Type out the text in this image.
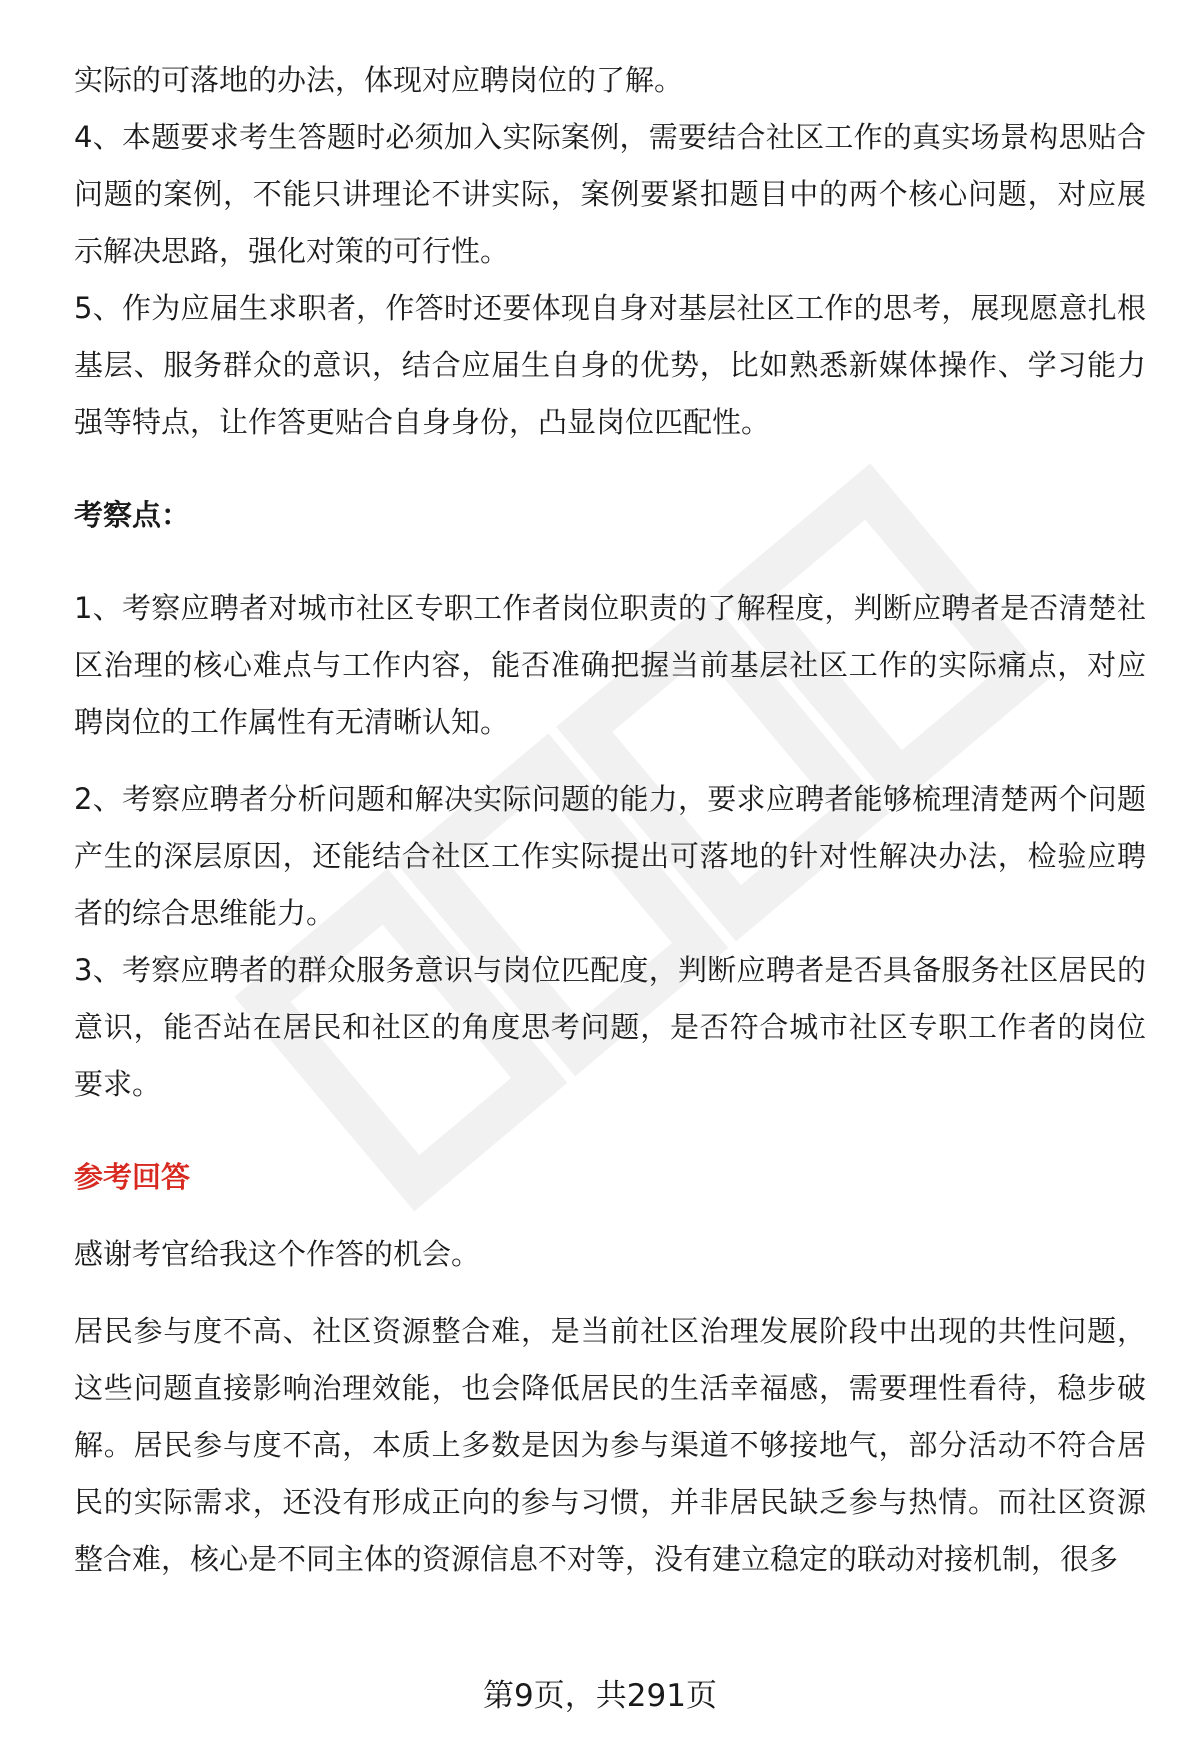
实际的可落地的办法，体现对应聘岗位的了解。

4、本题要求考生答题时必须加入实际案例，需要结合社区工作的真实场景构思贴合问题的案例，不能只讲理论不讲实际，案例要紧扣题目中的两个核心问题，对应展示解决思路，强化对策的可行性。

5、作为应届生求职者，作答时还要体现自身对基层社区工作的思考，展现愿意扎根基层、服务群众的意识，结合应届生自身的优势，比如熟悉新媒体操作、学习能力强等特点，让作答更贴合自身身份，凸显岗位匹配性。

考察点：

1、考察应聘者对城市社区专职工作者岗位职责的了解程度，判断应聘者是否清楚社区治理的核心难点与工作内容，能否准确把握当前基层社区工作的实际痛点，对应聘岗位的工作属性有无清晰认知。

2、考察应聘者分析问题和解决实际问题的能力，要求应聘者能够梳理清楚两个问题产生的深层原因，还能结合社区工作实际提出可落地的针对性解决办法，检验应聘者的综合思维能力。

3、考察应聘者的群众服务意识与岗位匹配度，判断应聘者是否具备服务社区居民的意识，能否站在居民和社区的角度思考问题，是否符合城市社区专职工作者的岗位要求。

参考回答

感谢考官给我这个作答的机会。

居民参与度不高、社区资源整合难，是当前社区治理发展阶段中出现的共性问题，这些问题直接影响治理效能，也会降低居民的生活幸福感，需要理性看待，稳步破解。居民参与度不高，本质上多数是因为参与渠道不够接地气，部分活动不符合居民的实际需求，还没有形成正向的参与习惯，并非居民缺乏参与热情。而社区资源整合难，核心是不同主体的资源信息不对等，没有建立稳定的联动对接机制，很多

第9页，共291页
